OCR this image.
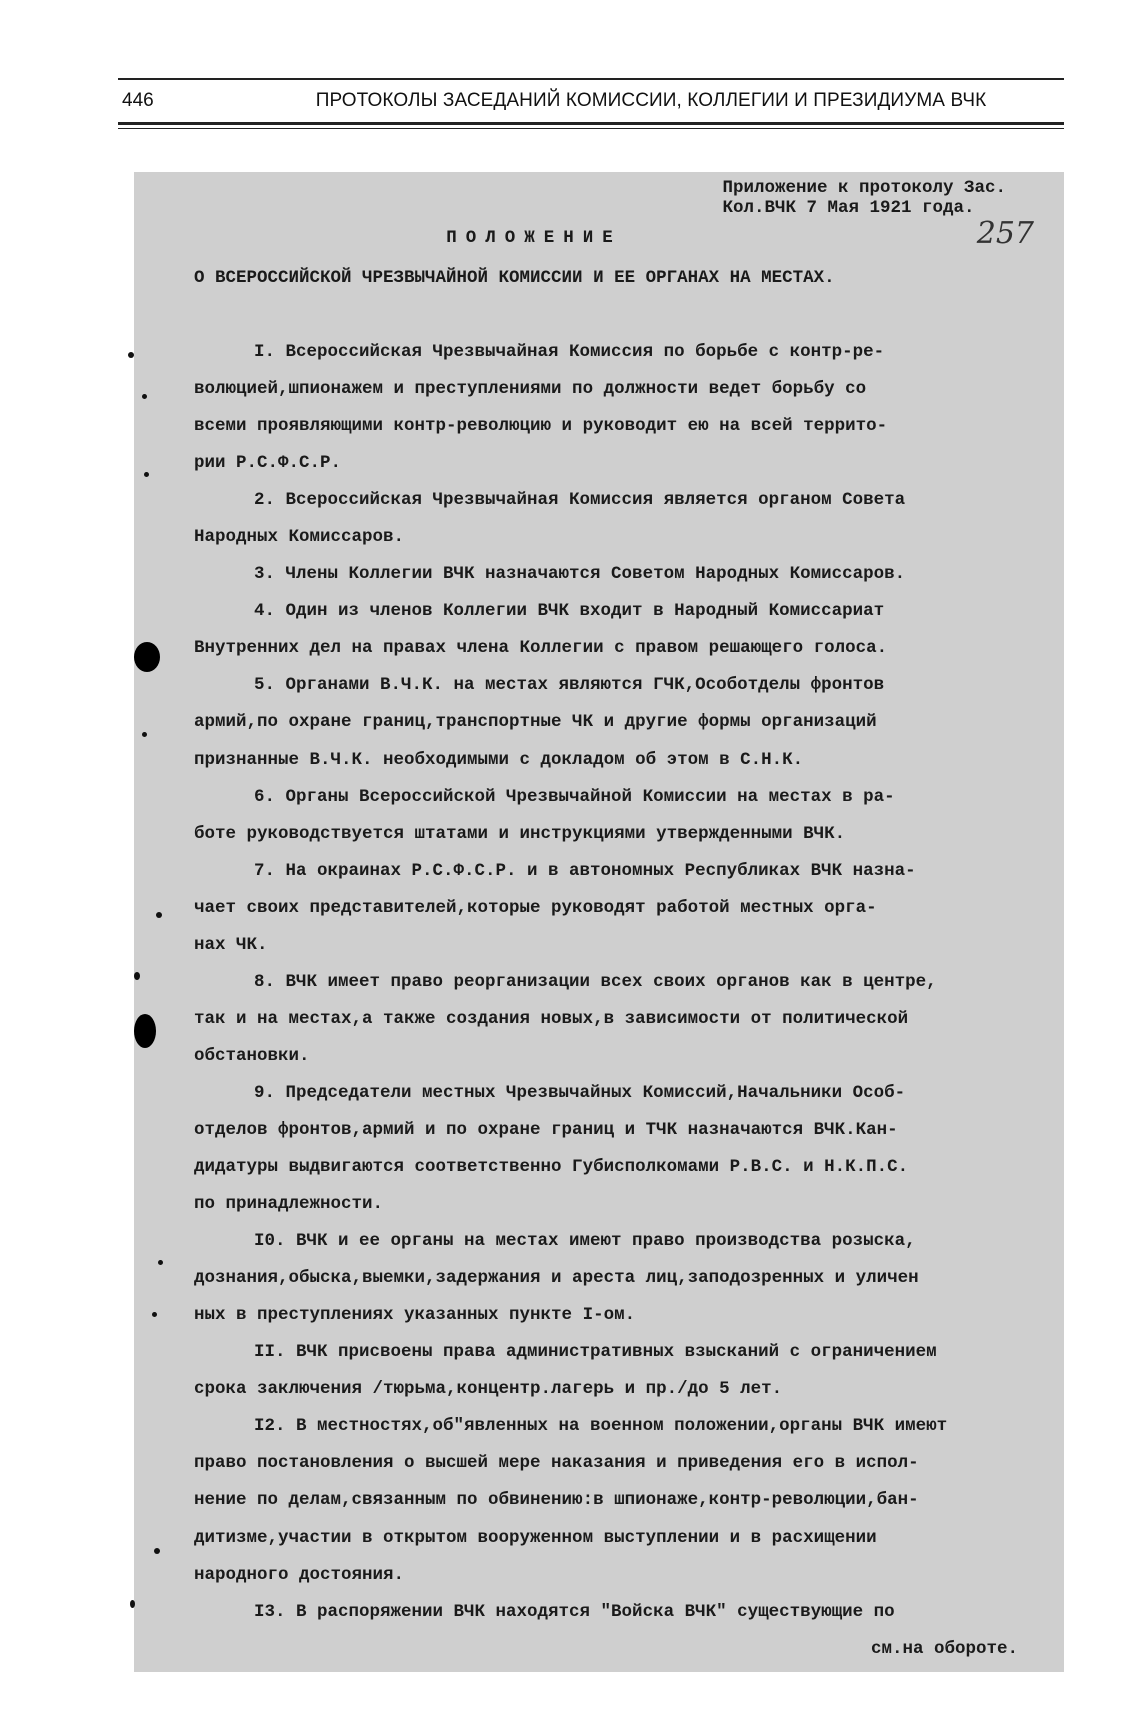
446	ПРОТОКОЛЫ ЗАСЕДАНИЙ КОМИССИИ, КОЛЛЕГИИ И ПРЕЗИДИУМА ВЧК
Приложение к протоколу Зас.
Кол.ВЧК 7 Мая 1921 года.
257
ПОЛОЖЕНИЕ
О ВСЕРОССИЙСКОЙ ЧРЕЗВЫЧАЙНОЙ КОМИССИИ И ЕЕ ОРГАНАХ НА МЕСТАХ.
I. Всероссийская Чрезвычайная Комиссия по борьбе с контр-ре-
волюцией,шпионажем и преступлениями по должности ведет борьбу со
всеми проявляющими контр-революцию и руководит ею на всей террито-
рии Р.С.Ф.С.Р.
2. Всероссийская Чрезвычайная Комиссия является органом Совета
Народных Комиссаров.
3. Члены Коллегии ВЧК назначаются Советом Народных Комиссаров.
4. Один из членов Коллегии ВЧК входит в Народный Комиссариат
Внутренних дел на правах члена Коллегии с правом решающего голоса.
5. Органами В.Ч.К. на местах являются ГЧК,Особотделы фронтов
армий,по охране границ,транспортные ЧК и другие формы организаций
признанные В.Ч.К. необходимыми с докладом об этом в С.Н.К.
6. Органы Всероссийской Чрезвычайной Комиссии на местах в ра-
боте руководствуется штатами и инструкциями утвержденными ВЧК.
7. На окраинах Р.С.Ф.С.Р. и в автономных Республиках ВЧК назна-
чает своих представителей,которые руководят работой местных орга-
нах ЧК.
8. ВЧК имеет право реорганизации всех своих органов как в центре,
так и на местах,а также создания новых,в зависимости от политической
обстановки.
9. Председатели местных Чрезвычайных Комиссий,Начальники Особ-
отделов фронтов,армий и по охране границ и ТЧК назначаются ВЧК.Кан-
дидатуры выдвигаются соответственно Губисполкомами Р.В.С. и Н.К.П.С.
по принадлежности.
I0. ВЧК и ее органы на местах имеют право производства розыска,
дознания,обыска,выемки,задержания и ареста лиц,заподозренных и уличен
ных в преступлениях указанных пункте I-ом.
II. ВЧК присвоены права административных взысканий с ограничением
срока заключения /тюрьма,концентр.лагерь и пр./до 5 лет.
I2. В местностях,об"явленных на военном положении,органы ВЧК имеют
право постановления о высшей мере наказания и приведения его в испол-
нение по делам,связанным по обвинению:в шпионаже,контр-революции,бан-
дитизме,участии в открытом вооруженном выступлении и в расхищении
народного достояния.
I3. В распоряжении ВЧК находятся "Войска ВЧК" существующие по
см.на обороте.
